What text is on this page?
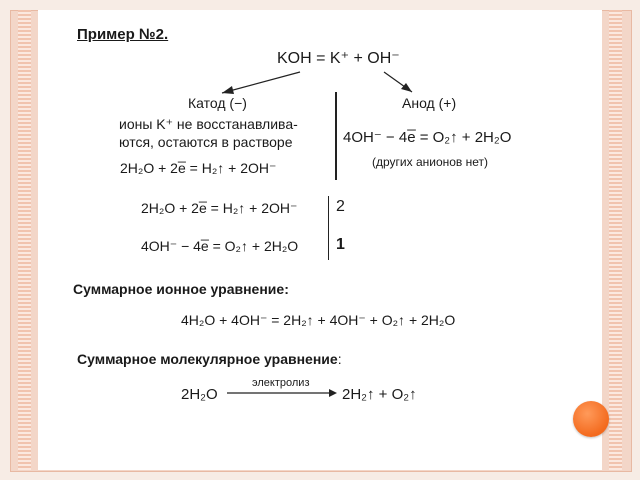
Пример №2.
KOH = K⁺ + OH⁻
Катод (−)
ионы K⁺ не восстанавлива-
ются, остаются в растворе
2H₂O + 2e̅ = H₂↑ + 2OH⁻
Анод (+)
4OH⁻ − 4e̅ = O₂↑ + 2H₂O
(других анионов нет)
2H₂O + 2e̅ = H₂↑ + 2OH⁻ 2
4OH⁻ − 4e̅ = O₂↑ + 2H₂O 1
Суммарное ионное уравнение:
4H₂O + 4OH⁻ = 2H₂↑ + 4OH⁻ + O₂↑ + 2H₂O
Суммарное молекулярное уравнение:
2H₂O
электролиз
2H₂↑ + O₂↑
